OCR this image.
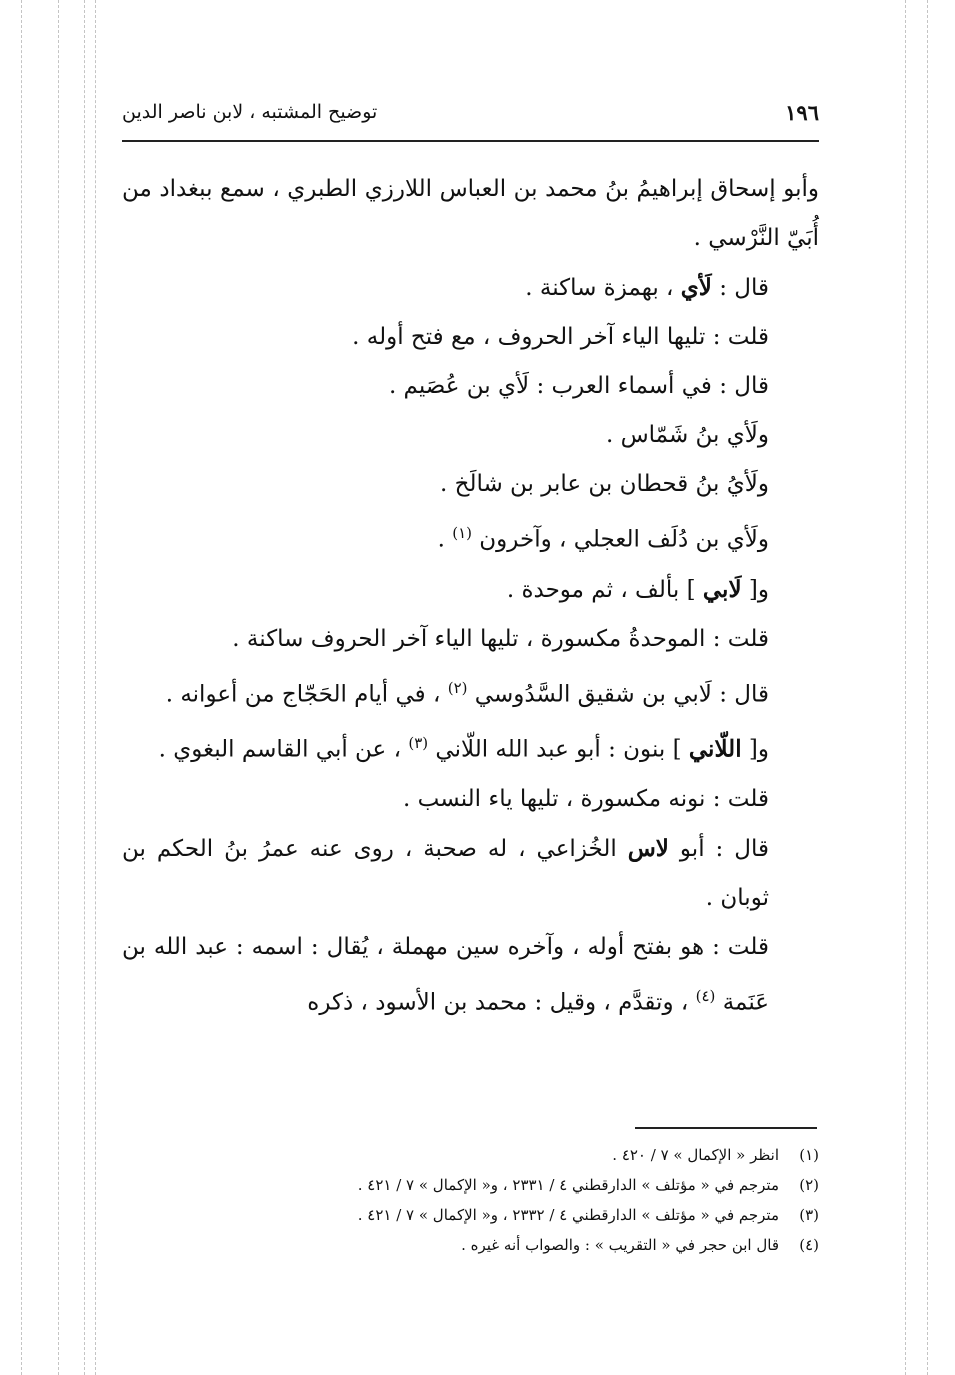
١٩٦
توضيح المشتبه ، لابن ناصر الدين

وأبو إسحاق إبراهيمُ بنُ محمد بن العباس اللارزي الطبري ، سمع ببغداد من أُبَيّ النَّرْسي .

قال : لَأي ، بهمزة ساكنة .

قلت : تليها الياء آخر الحروف ، مع فتح أوله .

قال : في أسماء العرب : لَأي بن عُصَيم .

ولَأي بنُ شَمّاس .

ولَأيُ بنُ قحطان بن عابر بن شالَخ .

ولَأي بن دُلَف العجلي ، وآخرون $^{(١)}$ .

و[ لَابي ] بألف ، ثم موحدة .

قلت : الموحدةُ مكسورة ، تليها الياء آخر الحروف ساكنة .

قال : لَابي بن شقيق السَّدُوسي $^{(٢)}$ ، في أيام الحَجّاج من أعوانه .

و[ اللّاني ] بنون : أبو عبد الله اللّاني $^{(٣)}$ ، عن أبي القاسم البغوي .

قلت : نونه مكسورة ، تليها ياء النسب .

قال : أبو لاس الخُزاعي ، له صحبة ، روى عنه عمرُ بنُ الحكم بن ثوبان .

قلت : هو بفتح أوله ، وآخره سين مهملة ، يُقال : اسمه : عبد الله بن عَنَمة $^{(٤)}$ ، وتقدَّم ، وقيل : محمد بن الأسود ، ذكره

(١)انظر « الإكمال » ٧ / ٤٢٠ .
(٢)مترجم في « مؤتلف » الدارقطني ٤ / ٢٣٣١ ، و« الإكمال » ٧ / ٤٢١ .
(٣)مترجم في « مؤتلف » الدارقطني ٤ / ٢٣٣٢ ، و« الإكمال » ٧ / ٤٢١ .
(٤)قال ابن حجر في « التقريب » : والصواب أنه غيره .
